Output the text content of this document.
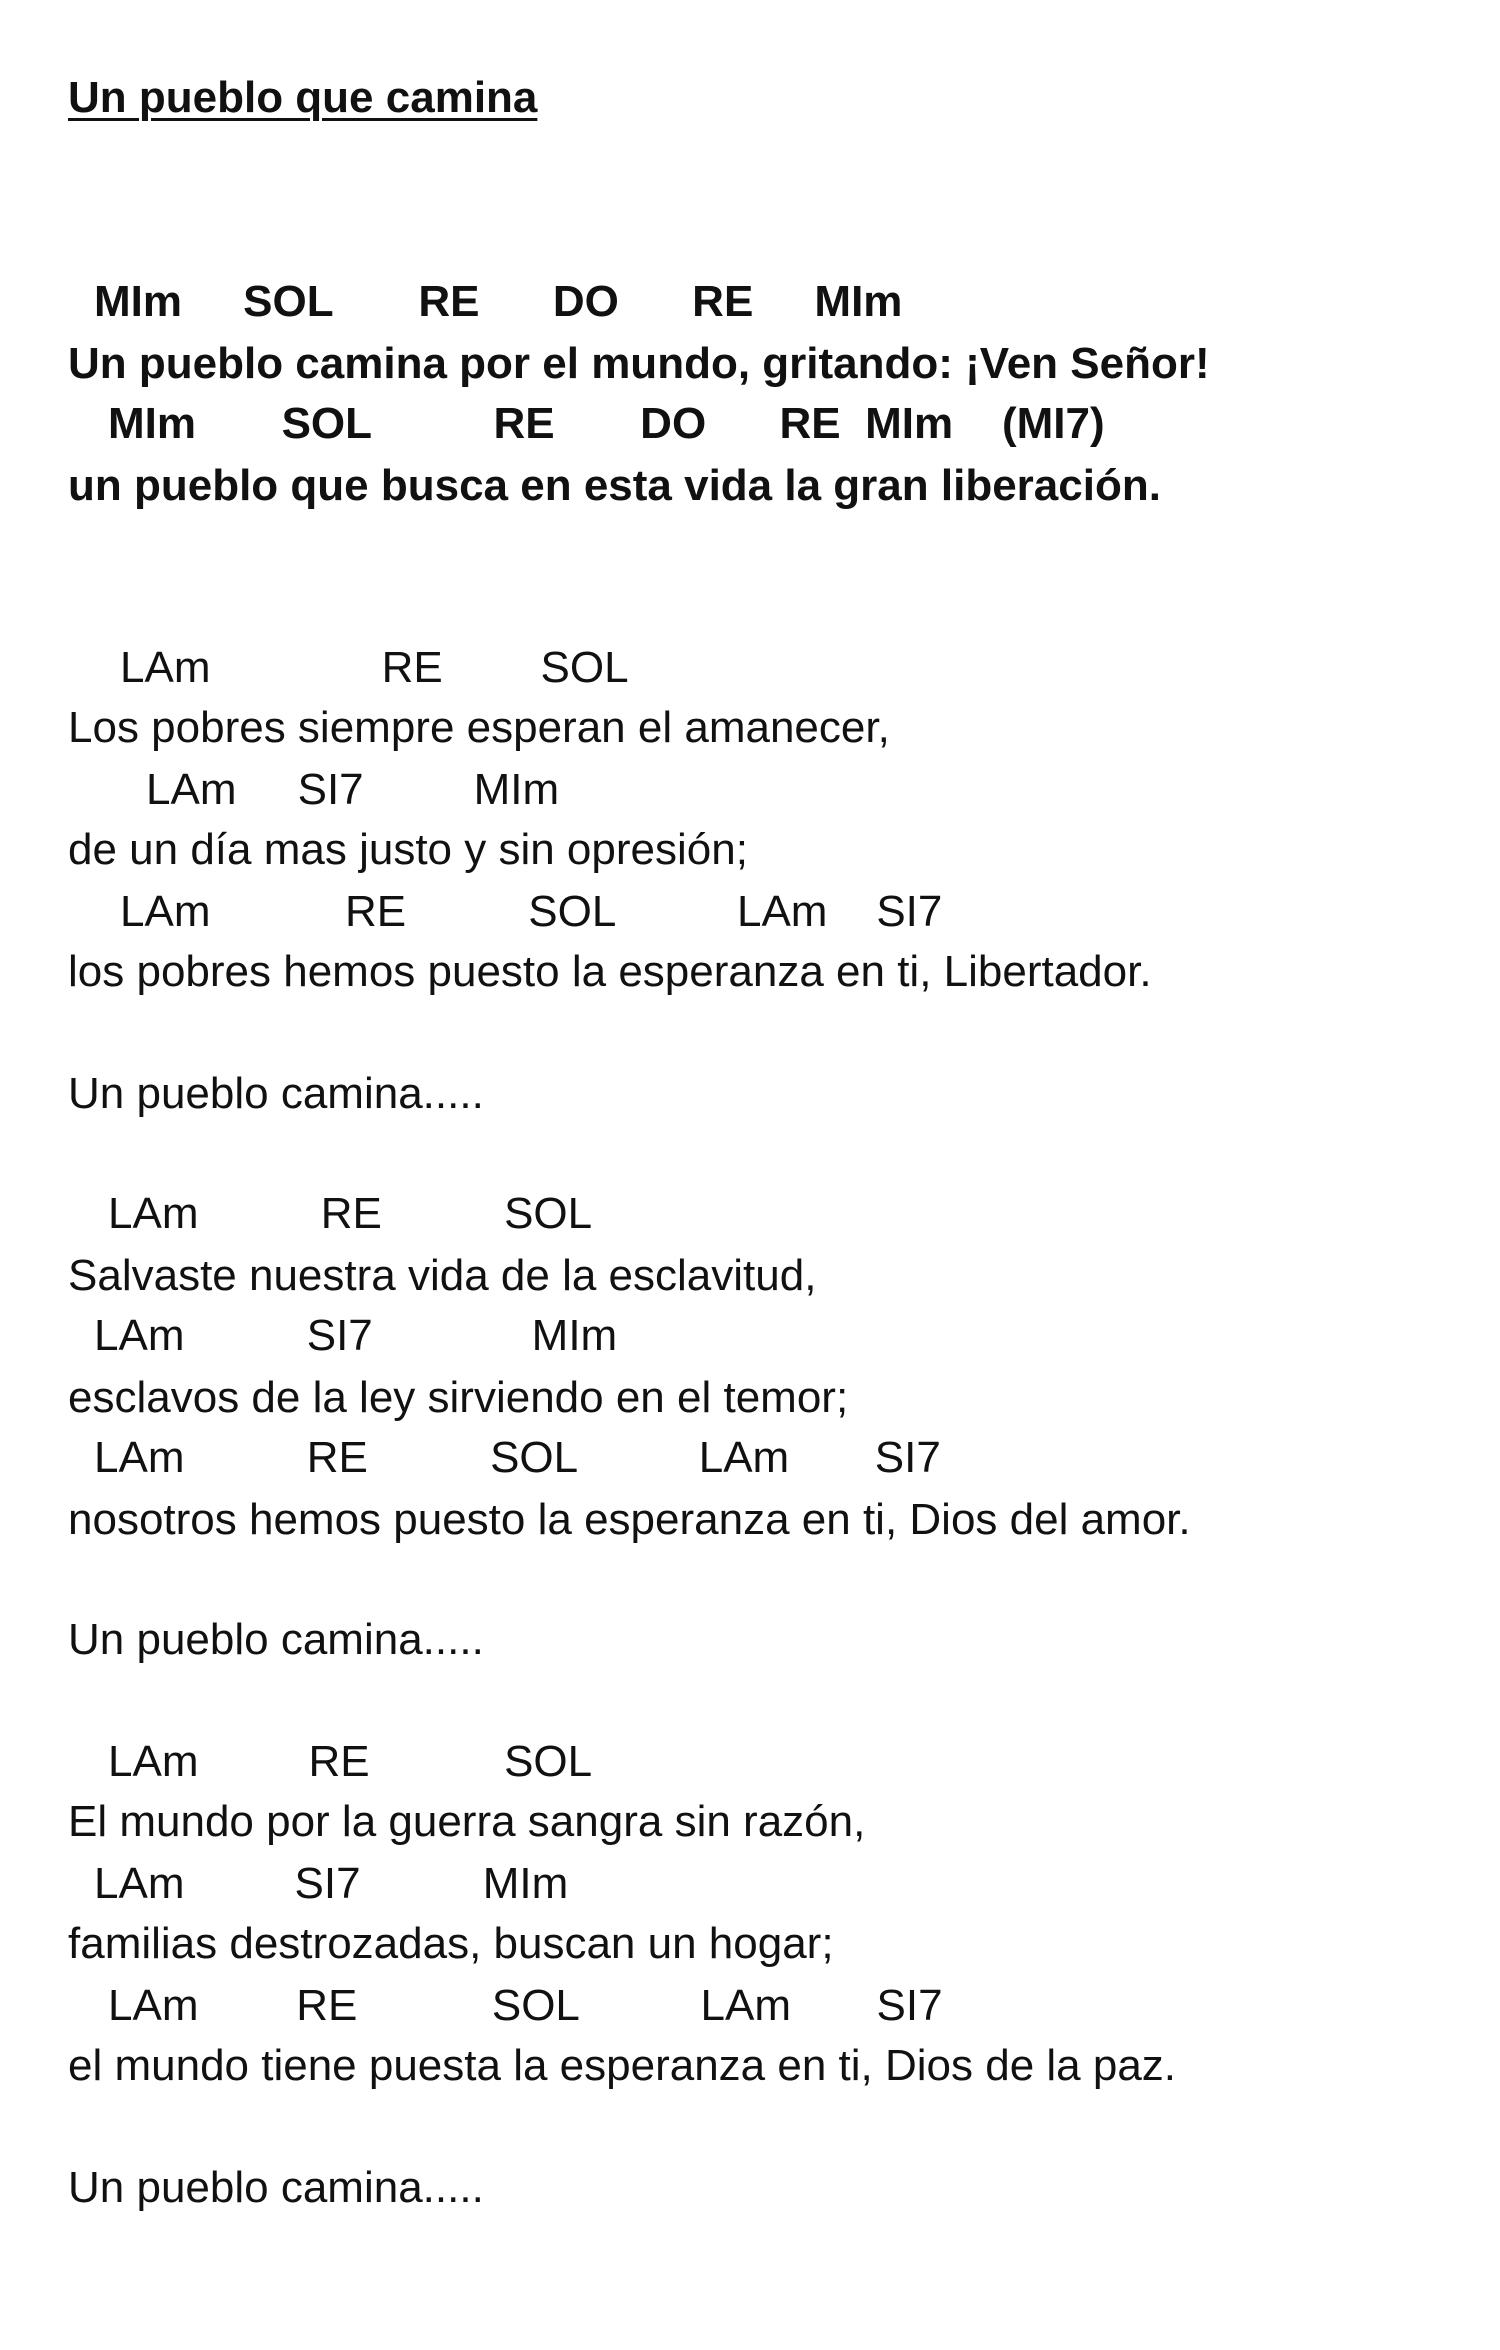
Un pueblo que camina
MIm     SOL       RE      DO      RE     MIm
Un pueblo camina por el mundo, gritando: ¡Ven Señor!
MIm       SOL          RE       DO      RE  MIm    (MI7)
un pueblo que busca en esta vida la gran liberación.
LAm              RE        SOL
Los pobres siempre esperan el amanecer,
LAm     SI7         MIm
de un día mas justo y sin opresión;
LAm           RE          SOL          LAm    SI7
los pobres hemos puesto la esperanza en ti, Libertador.
Un pueblo camina.....
LAm          RE          SOL
Salvaste nuestra vida de la esclavitud,
LAm          SI7             MIm
esclavos de la ley sirviendo en el temor;
LAm          RE          SOL          LAm       SI7
nosotros hemos puesto la esperanza en ti, Dios del amor.
Un pueblo camina.....
LAm         RE           SOL
El mundo por la guerra sangra sin razón,
LAm         SI7          MIm
familias destrozadas, buscan un hogar;
LAm        RE           SOL          LAm       SI7
el mundo tiene puesta la esperanza en ti, Dios de la paz.
Un pueblo camina.....
